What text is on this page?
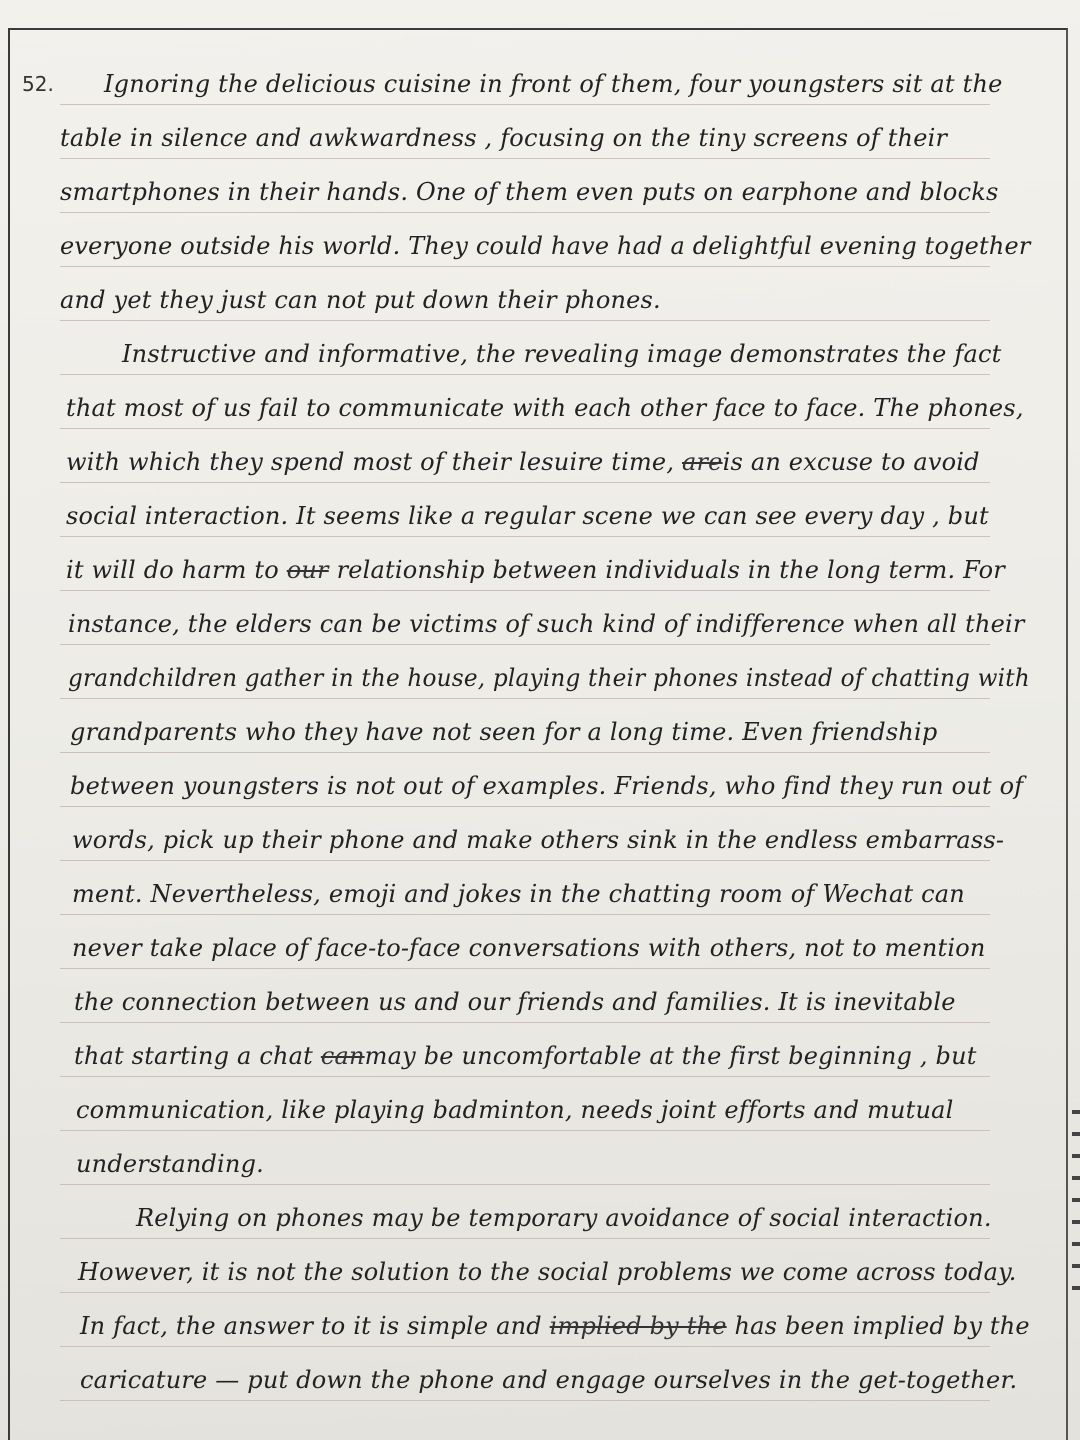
52. Ignoring the delicious cuisine in front of them, four youngsters sit at the
table in silence and awkwardness , focusing on the tiny screens of their
smartphones in their hands. One of them even puts on earphone and blocks
everyone outside his world. They could have had a delightful evening together
and yet they just can not put down their phones.
Instructive and informative, the revealing image demonstrates the fact
that most of us fail to communicate with each other face to face. The phones,
with which they spend most of their lesuire time, areis an excuse to avoid
social interaction. It seems like a regular scene we can see every day , but
it will do harm to our relationship between individuals in the long term. For
instance, the elders can be victims of such kind of indifference when all their
grandchildren gather in the house, playing their phones instead of chatting with
grandparents who they have not seen for a long time. Even friendship
between youngsters is not out of examples. Friends, who find they run out of
words, pick up their phone and make others sink in the endless embarrass-
ment. Nevertheless, emoji and jokes in the chatting room of Wechat can
never take place of face-to-face conversations with others, not to mention
the connection between us and our friends and families. It is inevitable
that starting a chat canmay be uncomfortable at the first beginning , but
communication, like playing badminton, needs joint efforts and mutual
understanding.
Relying on phones may be temporary avoidance of social interaction.
However, it is not the solution to the social problems we come across today.
In fact, the answer to it is simple and implied by the has been implied by the
caricature — put down the phone and engage ourselves in the get-together.
